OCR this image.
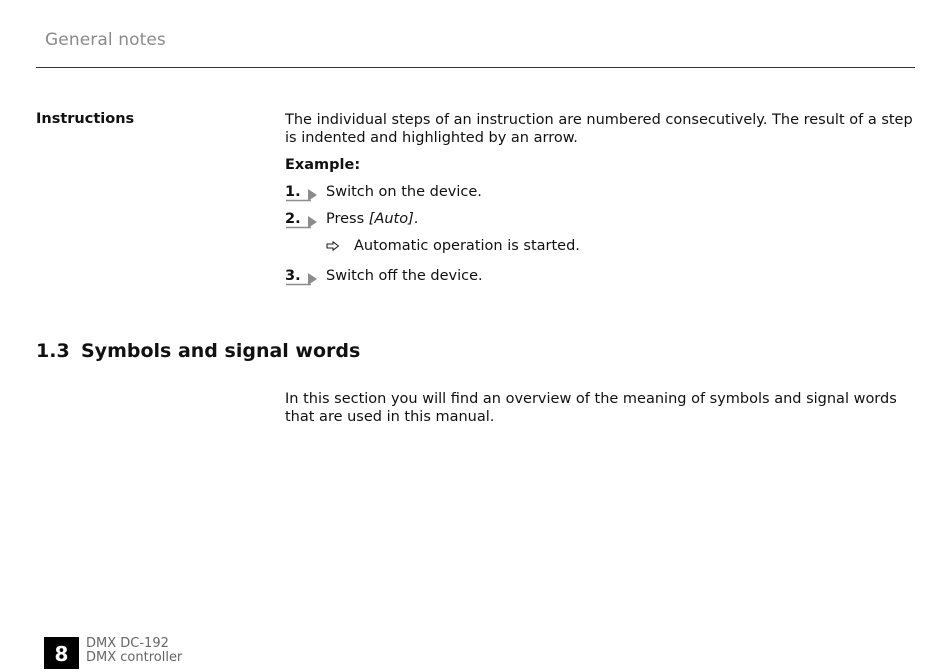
General notes
Instructions	The individual steps of an instruction are numbered consecutively. The result of a step is indented and highlighted by an arrow.
Example:
1. Switch on the device.
2. Press [Auto].
Automatic operation is started.
3. Switch off the device.
1.3 Symbols and signal words
In this section you will find an overview of the meaning of symbols and signal words that are used in this manual.
8	DMX DC-192
DMX controller
